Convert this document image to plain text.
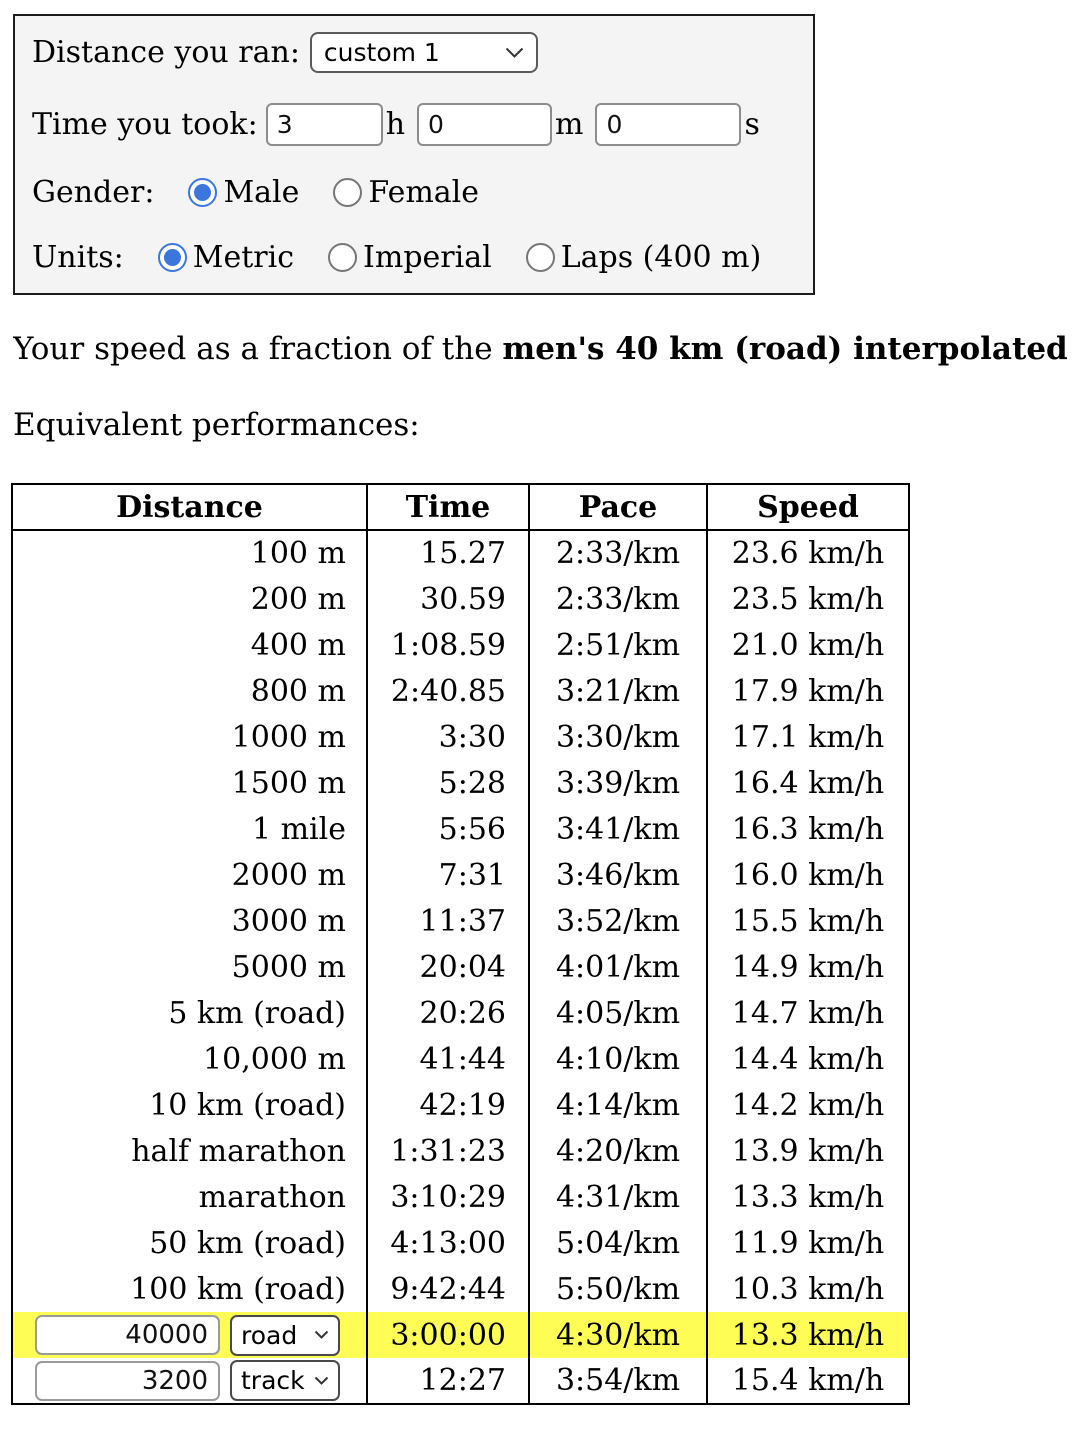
Distance you ran: custom 1
Time you took:
3	h
0	m
0	s
Gender: Male Female
Units: Metric Imperial Laps (400 m)
Your speed as a fraction of the men's 40 km (road) interpolated
Equivalent performances:
Distance	Time	Pace	Speed
100 m	15.27	2:33/km	23.6 km/h
200 m	30.59	2:33/km	23.5 km/h
400 m	1:08.59	2:51/km	21.0 km/h
800 m	2:40.85	3:21/km	17.9 km/h
1000 m	3:30	3:30/km	17.1 km/h
1500 m	5:28	3:39/km	16.4 km/h
1 mile	5:56	3:41/km	16.3 km/h
2000 m	7:31	3:46/km	16.0 km/h
3000 m	11:37	3:52/km	15.5 km/h
5000 m	20:04	4:01/km	14.9 km/h
5 km (road)	20:26	4:05/km	14.7 km/h
10,000 m	41:44	4:10/km	14.4 km/h
10 km (road)	42:19	4:14/km	14.2 km/h
half marathon	1:31:23	4:20/km	13.9 km/h
marathon	3:10:29	4:31/km	13.3 km/h
50 km (road)	4:13:00	5:04/km	11.9 km/h
100 km (road)	9:42:44	5:50/km	10.3 km/h

40000
road	3:00:00	4:30/km	13.3 km/h

3200
track	12:27	3:54/km	15.4 km/h
